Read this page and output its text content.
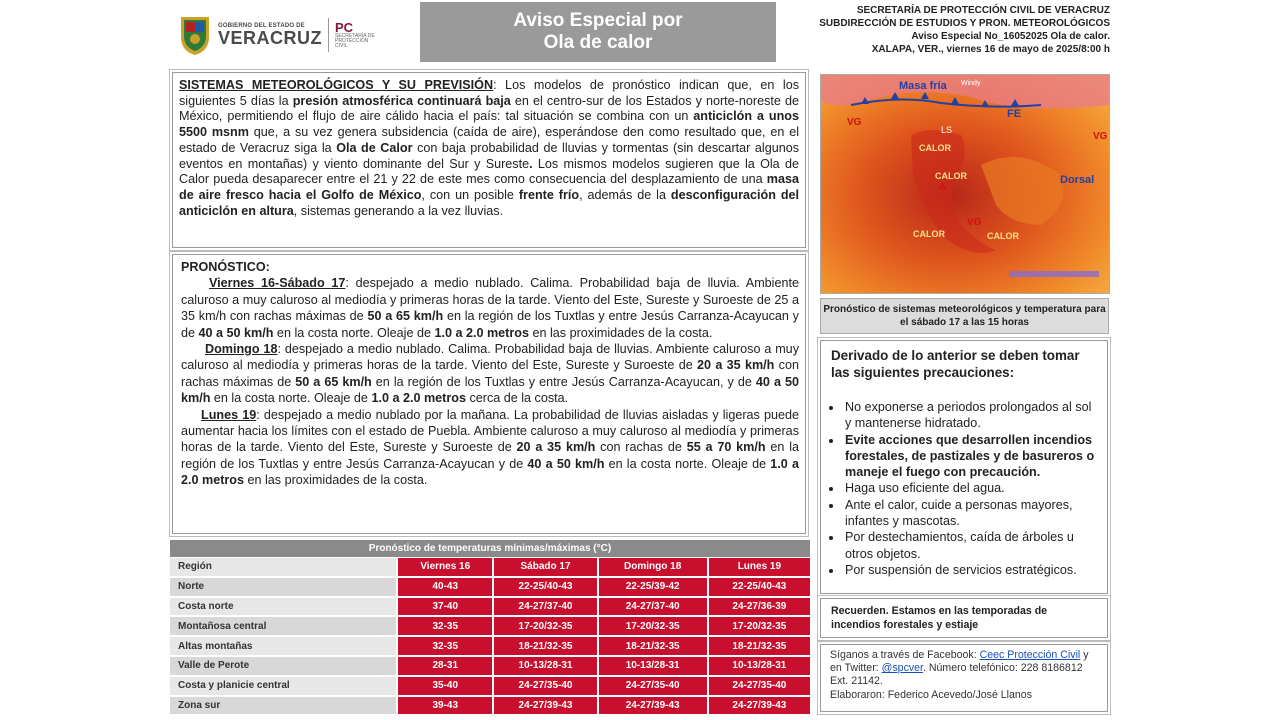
GOBIERNO DEL ESTADO DE
VERACRUZ
PC
SECRETARÍA DE PROTECCIÓN CIVIL
Aviso Especial por
Ola de calor
SECRETARÍA DE PROTECCIÓN CIVIL DE VERACRUZ
SUBDIRECCIÓN DE ESTUDIOS Y PRON. METEOROLÓGICOS
Aviso Especial No_16052025 Ola de calor.
XALAPA, VER., viernes 16 de mayo de 2025/8:00 h
SISTEMAS METEOROLÓGICOS Y SU PREVISIÓN: Los modelos de pronóstico indican que, en los siguientes 5 días la presión atmosférica continuará baja en el centro-sur de los Estados y norte-noreste de México, permitiendo el flujo de aire cálido hacia el país: tal situación se combina con un anticiclón a unos 5500 msnm que, a su vez genera subsidencia (caída de aire), esperándose den como resultado que, en el estado de Veracruz siga la Ola de Calor con baja probabilidad de lluvias y tormentas (sin descartar algunos eventos en montañas) y viento dominante del Sur y Sureste. Los mismos modelos sugieren que la Ola de Calor pueda desaparecer entre el 21 y 22 de este mes como consecuencia del desplazamiento de una masa de aire fresco hacia el Golfo de México, con un posible frente frío, además de la desconfiguración del anticiclón en altura, sistemas generando a la vez lluvias.
PRONÓSTICO:
Viernes 16-Sábado 17: despejado a medio nublado. Calima. Probabilidad baja de lluvia. Ambiente caluroso a muy caluroso al mediodía y primeras horas de la tarde. Viento del Este, Sureste y Suroeste de 25 a 35 km/h con rachas máximas de 50 a 65 km/h en la región de los Tuxtlas y entre Jesús Carranza-Acayucan y de 40 a 50 km/h en la costa norte. Oleaje de 1.0 a 2.0 metros en las proximidades de la costa.
Domingo 18: despejado a medio nublado. Calima. Probabilidad baja de lluvias. Ambiente caluroso a muy caluroso al mediodía y primeras horas de la tarde. Viento del Este, Sureste y Suroeste de 20 a 35 km/h con rachas máximas de 50 a 65 km/h en la región de los Tuxtlas y entre Jesús Carranza-Acayucan, y de 40 a 50 km/h en la costa norte. Oleaje de 1.0 a 2.0 metros cerca de la costa.
Lunes 19: despejado a medio nublado por la mañana. La probabilidad de lluvias aisladas y ligeras puede aumentar hacia los límites con el estado de Puebla. Ambiente caluroso a muy caluroso al mediodía y primeras horas de la tarde. Viento del Este, Sureste y Suroeste de 20 a 35 km/h con rachas de 55 a 70 km/h en la región de los Tuxtlas y entre Jesús Carranza-Acayucan y de 40 a 50 km/h en la costa norte. Oleaje de 1.0 a 2.0 metros en las proximidades de la costa.
Pronóstico de temperaturas mínimas/máximas (°C)
Región	Viernes 16	Sábado 17	Domingo 18	Lunes 19
Norte	40-43	22-25/40-43	22-25/39-42	22-25/40-43
Costa norte	37-40	24-27/37-40	24-27/37-40	24-27/36-39
Montañosa central	32-35	17-20/32-35	17-20/32-35	17-20/32-35
Altas montañas	32-35	18-21/32-35	18-21/32-35	18-21/32-35
Valle de Perote	28-31	10-13/28-31	10-13/28-31	10-13/28-31
Costa y planicie central	35-40	24-27/35-40	24-27/35-40	24-27/35-40
Zona sur	39-43	24-27/39-43	24-27/39-43	24-27/39-43
Masa fría
FE
VG
VG
VG
LS
CALOR
CALOR
A
CALOR	CALOR
Dorsal
Windy
Pronóstico de sistemas meteorológicos y temperatura para el sábado 17 a las 15 horas
Derivado de lo anterior se deben tomar las siguientes precauciones:
• No exponerse a periodos prolongados al sol y mantenerse hidratado.
• Evite acciones que desarrollen incendios forestales, de pastizales y de basureros o maneje el fuego con precaución.
• Haga uso eficiente del agua.
• Ante el calor, cuide a personas mayores, infantes y mascotas.
• Por destechamientos, caída de árboles u otros objetos.
• Por suspensión de servicios estratégicos.
Recuerden. Estamos en las temporadas de incendios forestales y estiaje
Síganos a través de Facebook: Ceec Protección Civil y en Twitter: @spcver. Número telefónico: 228 8186812 Ext. 21142.
Elaboraron: Federico Acevedo/José Llanos
